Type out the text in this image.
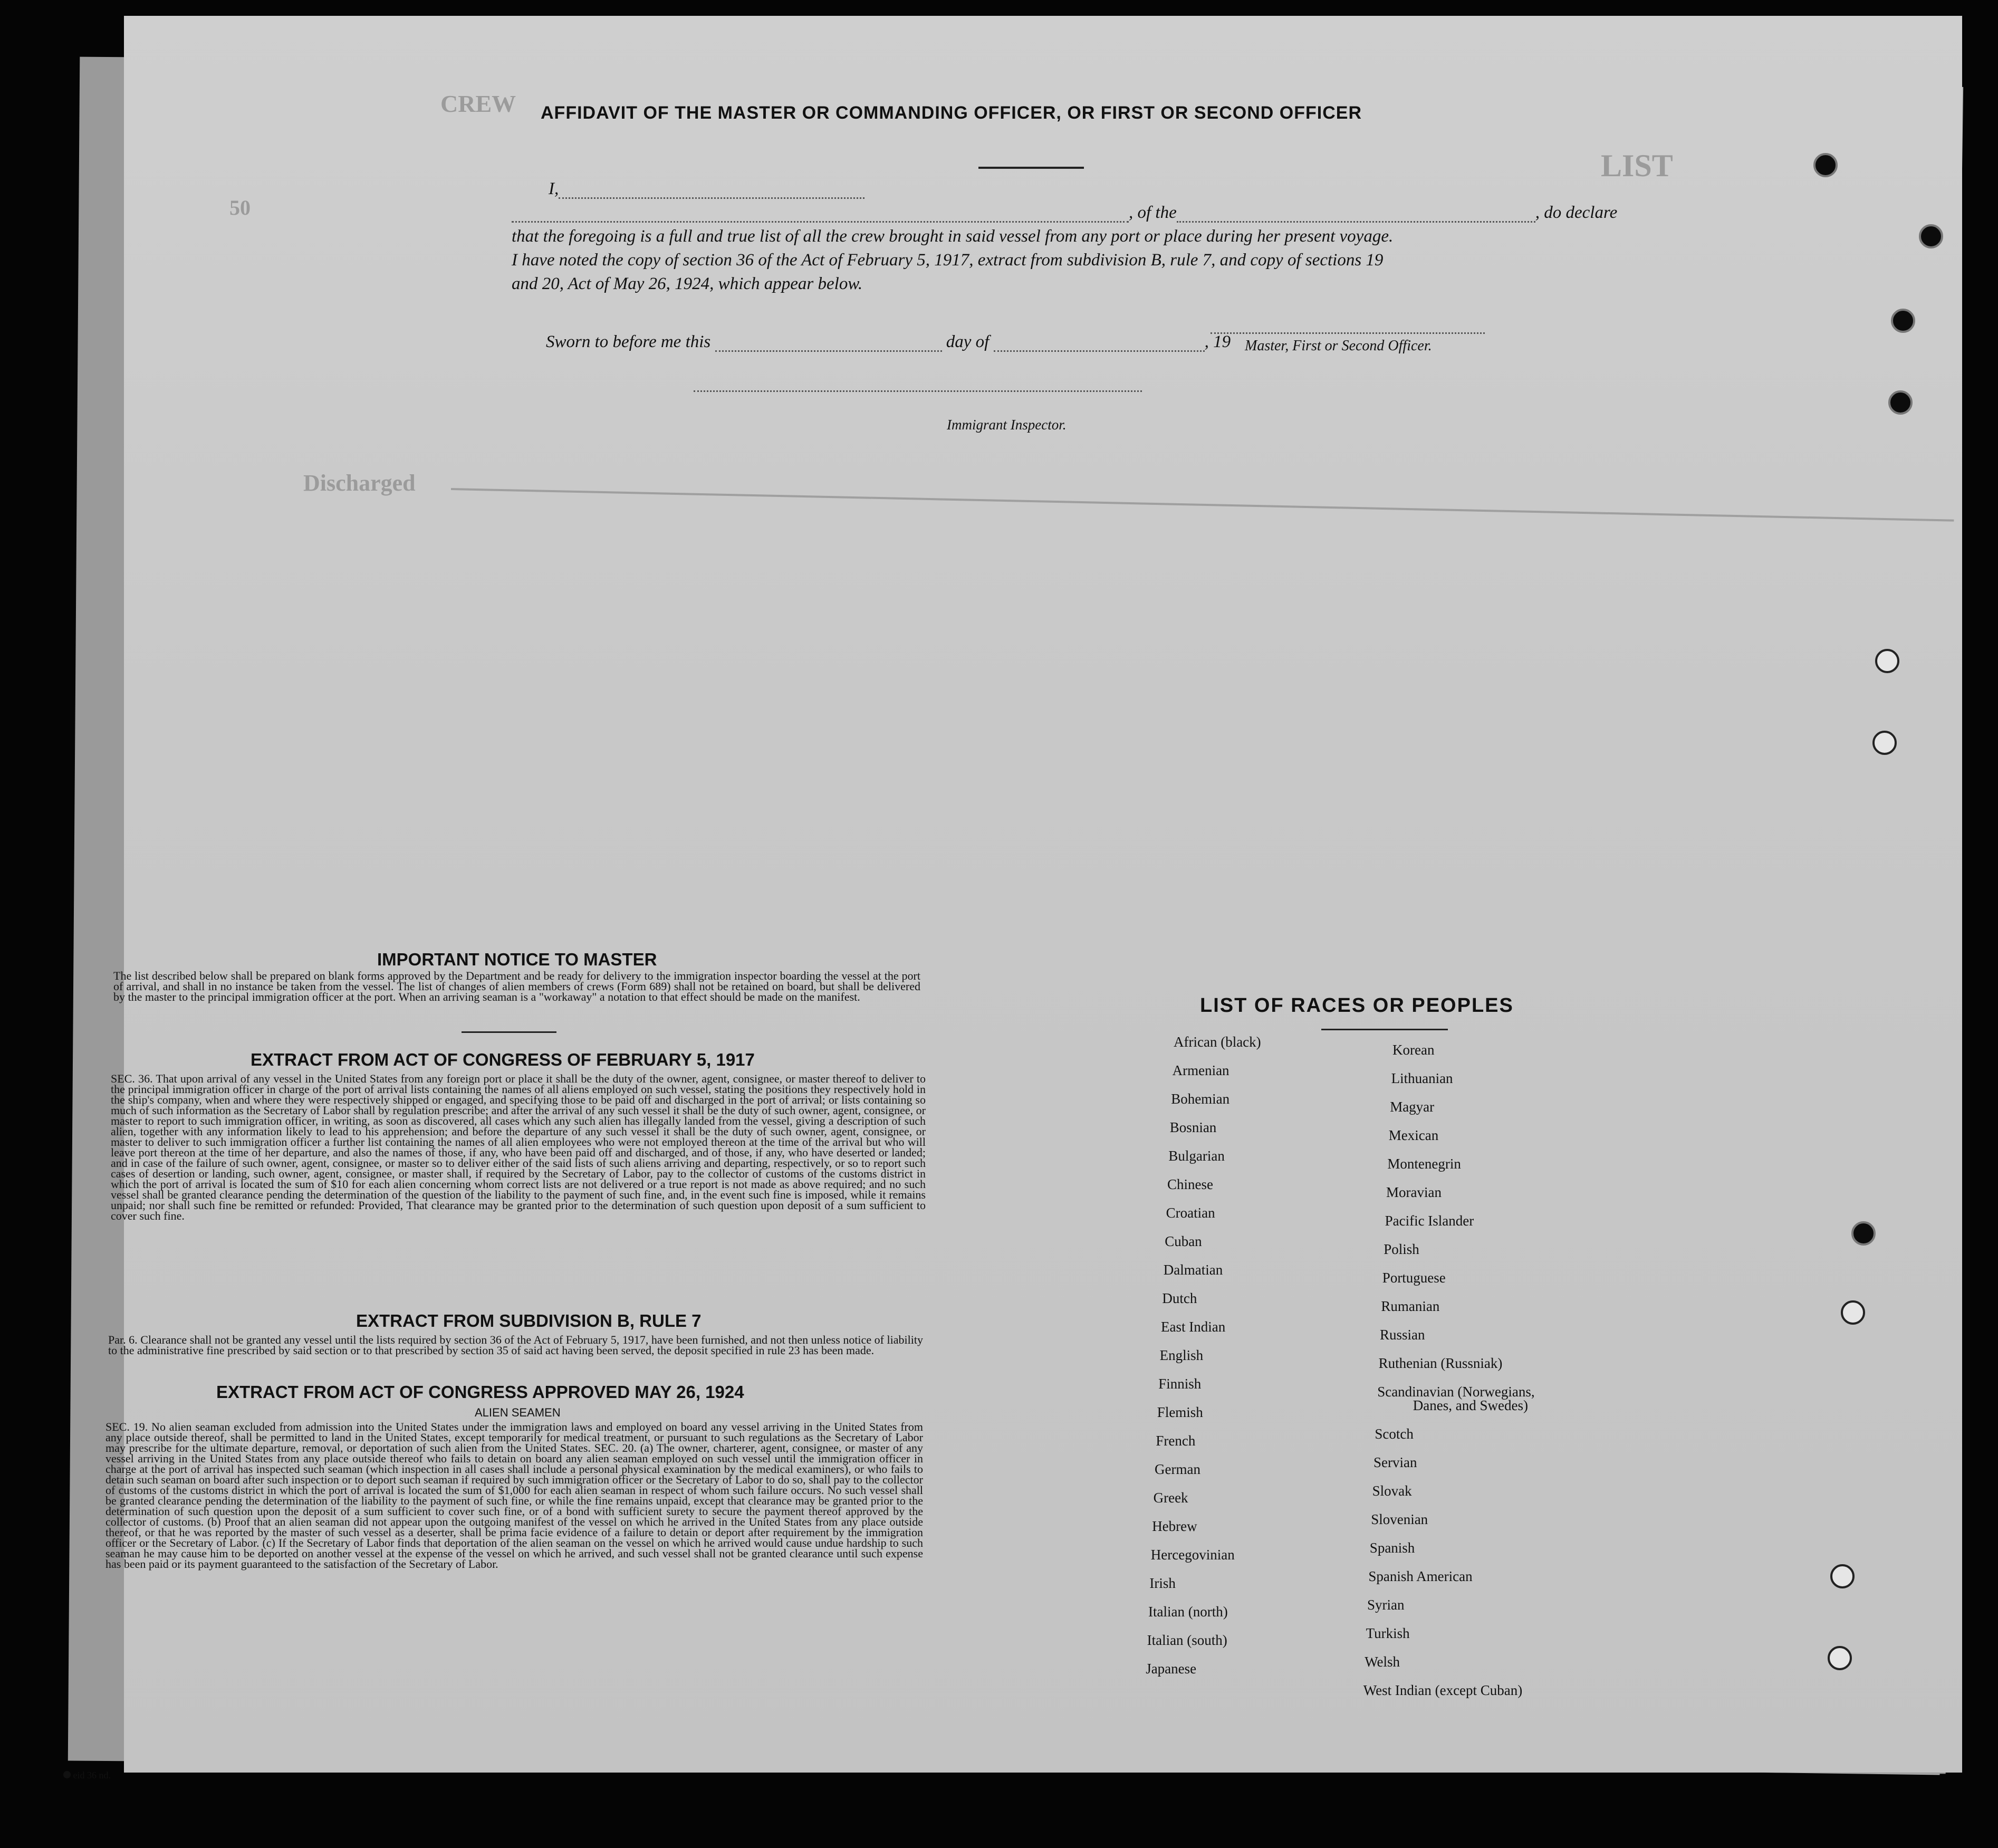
CREW
LIST
50
Discharged
AFFIDAVIT OF THE MASTER OR COMMANDING OFFICER, OR FIRST OR SECOND OFFICER
I,
, of the	, do declare
that the foregoing is a full and true list of all the crew brought in said vessel from any port or place during her present voyage.
I have noted the copy of section 36 of the Act of February 5, 1917, extract from subdivision B, rule 7, and copy of sections 19
and 20, Act of May 26, 1924, which appear below.
Sworn to before me this	day of	, 19 Master, First or Second Officer.
Immigrant Inspector.
IMPORTANT NOTICE TO MASTER
The list described below shall be prepared on blank forms approved by the Department and be ready for delivery to the immigration inspector boarding the vessel at the port of arrival, and shall in no instance be taken from the vessel. The list of changes of alien members of crews (Form 689) shall not be retained on board, but shall be delivered by the master to the principal immigration officer at the port. When an arriving seaman is a "workaway" a notation to that effect should be made on the manifest.
EXTRACT FROM ACT OF CONGRESS OF FEBRUARY 5, 1917
SEC. 36. That upon arrival of any vessel in the United States from any foreign port or place it shall be the duty of the owner, agent, consignee, or master thereof to deliver to the principal immigration officer in charge of the port of arrival lists containing the names of all aliens employed on such vessel, stating the positions they respectively hold in the ship's company, when and where they were respectively shipped or engaged, and specifying those to be paid off and discharged in the port of arrival; or lists containing so much of such information as the Secretary of Labor shall by regulation prescribe; and after the arrival of any such vessel it shall be the duty of such owner, agent, consignee, or master to report to such immigration officer, in writing, as soon as discovered, all cases which any such alien has illegally landed from the vessel, giving a description of such alien, together with any information likely to lead to his apprehension; and before the departure of any such vessel it shall be the duty of such owner, agent, consignee, or master to deliver to such immigration officer a further list containing the names of all alien employees who were not employed thereon at the time of the arrival but who will leave port thereon at the time of her departure, and also the names of those, if any, who have been paid off and discharged, and of those, if any, who have deserted or landed; and in case of the failure of such owner, agent, consignee, or master so to deliver either of the said lists of such aliens arriving and departing, respectively, or so to report such cases of desertion or landing, such owner, agent, consignee, or master shall, if required by the Secretary of Labor, pay to the collector of customs of the customs district in which the port of arrival is located the sum of $10 for each alien concerning whom correct lists are not delivered or a true report is not made as above required; and no such vessel shall be granted clearance pending the determination of the question of the liability to the payment of such fine, and, in the event such fine is imposed, while it remains unpaid; nor shall such fine be remitted or refunded: Provided, That clearance may be granted prior to the determination of such question upon deposit of a sum sufficient to cover such fine.
EXTRACT FROM SUBDIVISION B, RULE 7
Par. 6. Clearance shall not be granted any vessel until the lists required by section 36 of the Act of February 5, 1917, have been furnished, and not then unless notice of liability to the administrative fine prescribed by said section or to that prescribed by section 35 of said act having been served, the deposit specified in rule 23 has been made.
EXTRACT FROM ACT OF CONGRESS APPROVED MAY 26, 1924
ALIEN SEAMEN
SEC. 19. No alien seaman excluded from admission into the United States under the immigration laws and employed on board any vessel arriving in the United States from any place outside thereof, shall be permitted to land in the United States, except temporarily for medical treatment, or pursuant to such regulations as the Secretary of Labor may prescribe for the ultimate departure, removal, or deportation of such alien from the United States. SEC. 20. (a) The owner, charterer, agent, consignee, or master of any vessel arriving in the United States from any place outside thereof who fails to detain on board any alien seaman employed on such vessel until the immigration officer in charge at the port of arrival has inspected such seaman (which inspection in all cases shall include a personal physical examination by the medical examiners), or who fails to detain such seaman on board after such inspection or to deport such seaman if required by such immigration officer or the Secretary of Labor to do so, shall pay to the collector of customs of the customs district in which the port of arrival is located the sum of $1,000 for each alien seaman in respect of whom such failure occurs. No such vessel shall be granted clearance pending the determination of the liability to the payment of such fine, or while the fine remains unpaid, except that clearance may be granted prior to the determination of such question upon the deposit of a sum sufficient to cover such fine, or of a bond with sufficient surety to secure the payment thereof approved by the collector of customs. (b) Proof that an alien seaman did not appear upon the outgoing manifest of the vessel on which he arrived in the United States from any place outside thereof, or that he was reported by the master of such vessel as a deserter, shall be prima facie evidence of a failure to detain or deport after requirement by the immigration officer or the Secretary of Labor. (c) If the Secretary of Labor finds that deportation of the alien seaman on the vessel on which he arrived would cause undue hardship to such seaman he may cause him to be deported on another vessel at the expense of the vessel on which he arrived, and such vessel shall not be granted clearance until such expense has been paid or its payment guaranteed to the satisfaction of the Secretary of Labor.
LIST OF RACES OR PEOPLES
African (black)
Armenian
Bohemian
Bosnian
Bulgarian
Chinese
Croatian
Cuban
Dalmatian
Dutch
East Indian
English
Finnish
Flemish
French
German
Greek
Hebrew
Hercegovinian
Irish
Italian (north)
Italian (south)
Japanese
Korean
Lithuanian
Magyar
Mexican
Montenegrin
Moravian
Pacific Islander
Polish
Portuguese
Rumanian
Russian
Ruthenian (Russniak)
Scandinavian (Norwegians,
Danes, and Swedes)
Scotch
Servian
Slovak
Slovenian
Spanish
Spanish American
Syrian
Turkish
Welsh
West Indian (except Cuban)
eid 36 nd.
